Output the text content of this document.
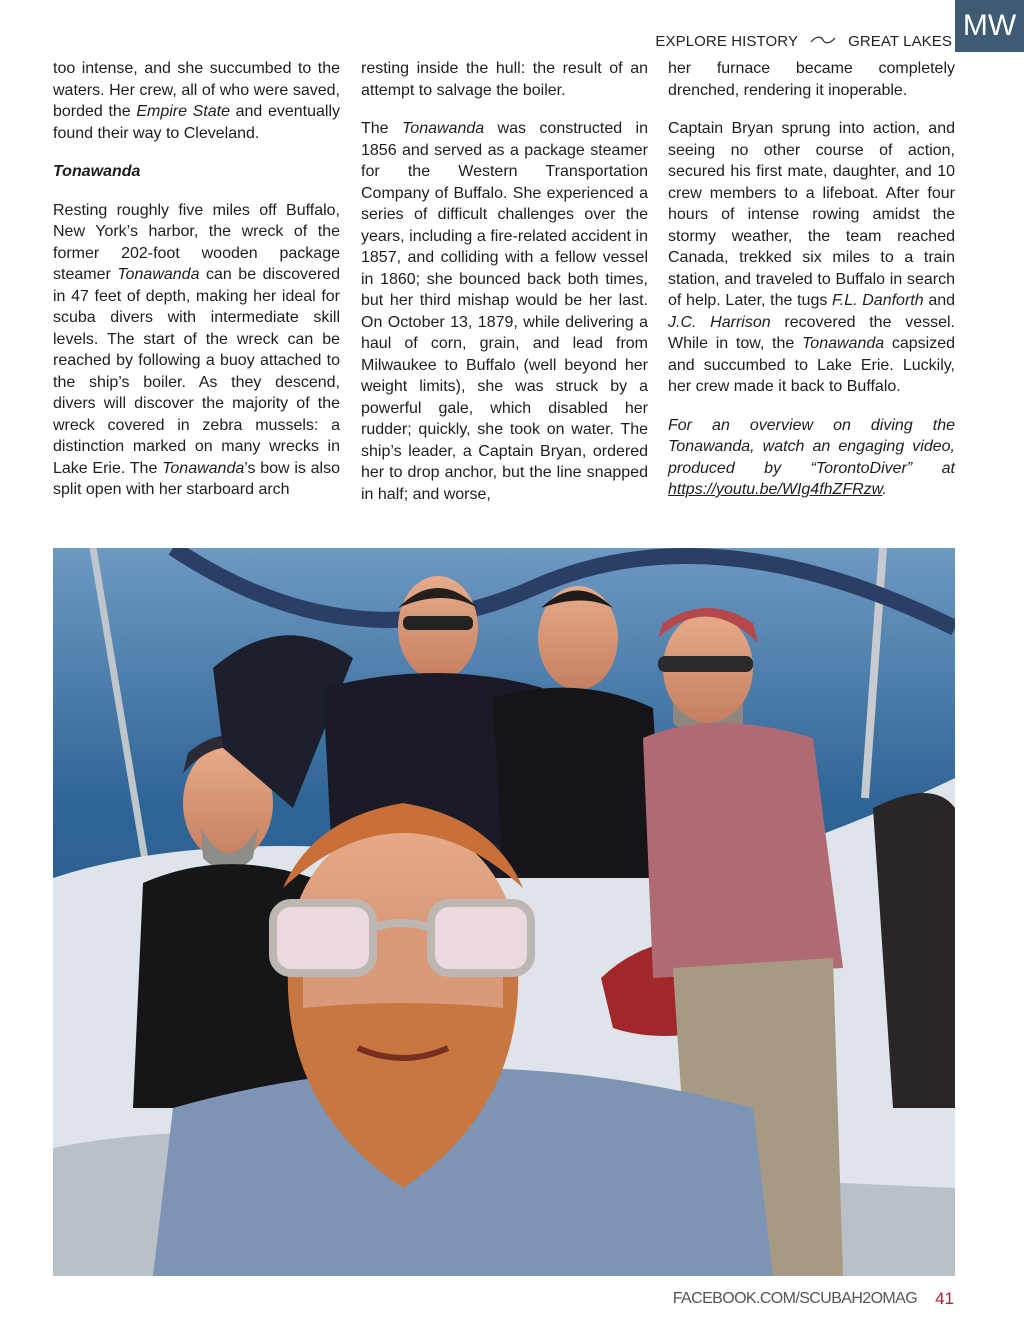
EXPLORE HISTORY	GREAT LAKES MW

too intense, and she succumbed to the waters. Her crew, all of who were saved, borded the Empire State and eventually found their way to Cleveland.

Tonawanda

Resting roughly five miles off Buffalo, New York’s harbor, the wreck of the former 202-foot wooden package steamer Tonawanda can be discovered in 47 feet of depth, making her ideal for scuba divers with intermediate skill levels. The start of the wreck can be reached by following a buoy attached to the ship’s boiler. As they descend, divers will discover the majority of the wreck covered in zebra mussels: a distinction marked on many wrecks in Lake Erie. The Tonawanda’s bow is also split open with her starboard arch

resting inside the hull: the result of an attempt to salvage the boiler.

The Tonawanda was constructed in 1856 and served as a package steamer for the Western Transportation Company of Buffalo. She experienced a series of difficult challenges over the years, including a fire-related accident in 1857, and colliding with a fellow vessel in 1860; she bounced back both times, but her third mishap would be her last. On October 13, 1879, while delivering a haul of corn, grain, and lead from Milwaukee to Buffalo (well beyond her weight limits), she was struck by a powerful gale, which disabled her rudder; quickly, she took on water. The ship’s leader, a Captain Bryan, ordered her to drop anchor, but the line snapped in half; and worse,

her furnace became completely drenched, rendering it inoperable.

Captain Bryan sprung into action, and seeing no other course of action, secured his first mate, daughter, and 10 crew members to a lifeboat. After four hours of intense rowing amidst the stormy weather, the team reached Canada, trekked six miles to a train station, and traveled to Buffalo in search of help. Later, the tugs F.L. Danforth and J.C. Harrison recovered the vessel. While in tow, the Tonawanda capsized and succumbed to Lake Erie. Luckily, her crew made it back to Buffalo.

For an overview on diving the Tonawanda, watch an engaging video, produced by “TorontoDiver” at https://youtu.be/WIg4fhZFRzw.

FACEBOOK.COM/SCUBAH2OMAG 41
